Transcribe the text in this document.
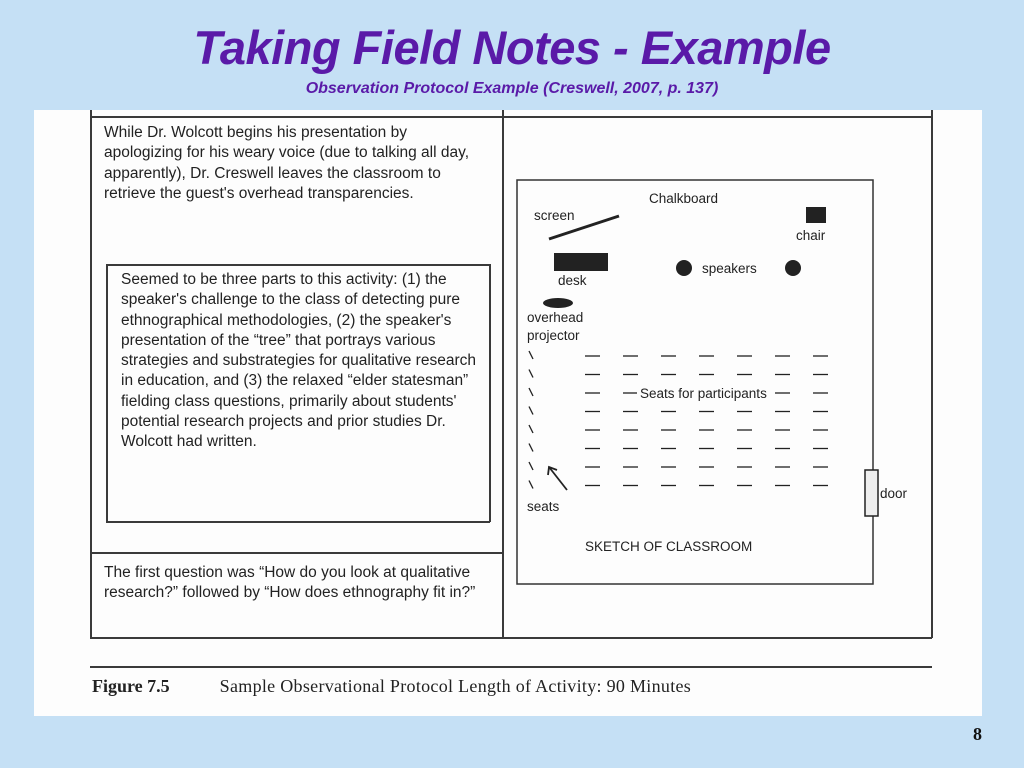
Taking Field Notes - Example
Observation Protocol Example (Creswell, 2007, p. 137)

While Dr. Wolcott begins his presentation by apologizing for his weary voice (due to talking all day, apparently), Dr. Creswell leaves the classroom to retrieve the guest's overhead transparencies.

Seemed to be three parts to this activity: (1) the speaker's challenge to the class of detecting pure ethnographical methodologies, (2) the speaker's presentation of the “tree” that portrays various strategies and substrategies for qualitative research in education, and (3) the relaxed “elder statesman” fielding class questions, primarily about students' potential research projects and prior studies Dr. Wolcott had written.

The first question was “How do you look at qualitative research?” followed by “How does ethnography fit in?”

Chalkboard
screen
chair
desk
speakers
overhead
projector
Seats for participants
seats
door
SKETCH OF CLASSROOM
Figure 7.5	Sample Observational Protocol Length of Activity: 90 Minutes
8
